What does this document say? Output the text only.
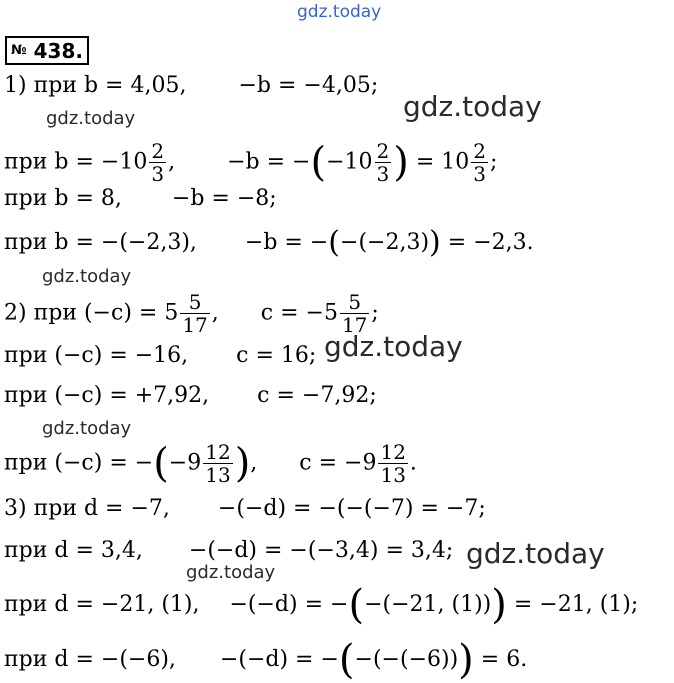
gdz.today
gdz.today	gdz.today
gdz.today
gdz.today
gdz.today
gdz.today
gdz.today
№ 438.
1) при b = 4,05, −b = −4,05;
при $b = -10 \frac{2}{3}$ , $-b = -(-10 \frac{2}{3}$ ) = $10 \frac{2}{3}$ ;
при b = 8, −b = −8;
при b = −(−2,3), −b = −(−(−2,3)) = −2,3.
2) при $(-c) = 5 \frac{5}{17}$ , $c = -5 \frac{5}{17}$ ;
при (−c) = −16, c = 16;
при (−c) = +7,92, c = −7,92;
при $(-c) = -(-9 \frac{12}{13}$ ), $c = -9 \frac{12}{13}$ .
3) при d = −7, −(−d) = −(−(−7) = −7;
при d = 3,4, −(−d) = −(−3,4) = 3,4;
при d = −21, (1), −(−d) = −(−(−21, (1))) = −21, (1);
при d = −(−6), −(−d) = −(−(−(−6))) = 6.
